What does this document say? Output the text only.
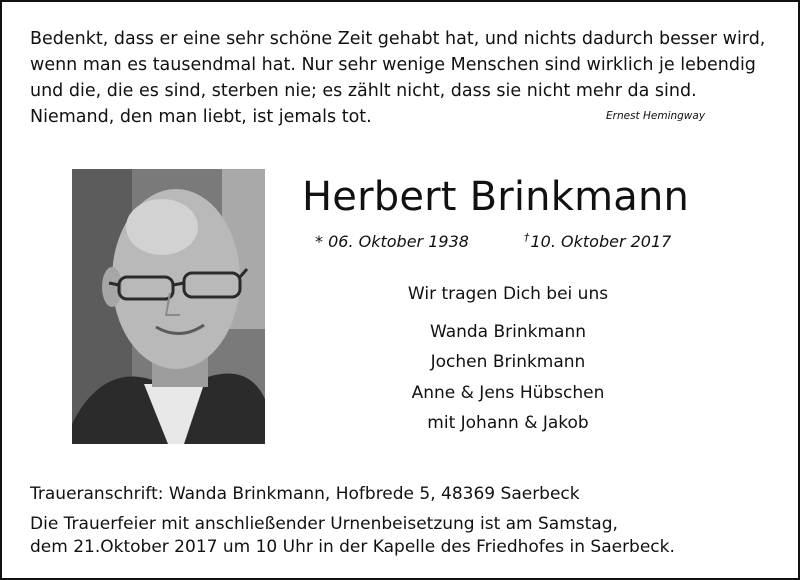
Bedenkt, dass er eine sehr schöne Zeit gehabt hat, und nichts dadurch besser wird,
wenn man es tausendmal hat. Nur sehr wenige Menschen sind wirklich je lebendig
und die, die es sind, sterben nie; es zählt nicht, dass sie nicht mehr da sind.
Niemand, den man liebt, ist jemals tot.	Ernest Hemingway
Herbert Brinkmann
* 06. Oktober 1938	†10. Oktober 2017
Wir tragen Dich bei uns
Wanda Brinkmann
Jochen Brinkmann
Anne & Jens Hübschen
mit Johann & Jakob
Traueranschrift: Wanda Brinkmann, Hofbrede 5, 48369 Saerbeck
Die Trauerfeier mit anschließender Urnenbeisetzung ist am Samstag,
dem 21.Oktober 2017 um 10 Uhr in der Kapelle des Friedhofes in Saerbeck.
